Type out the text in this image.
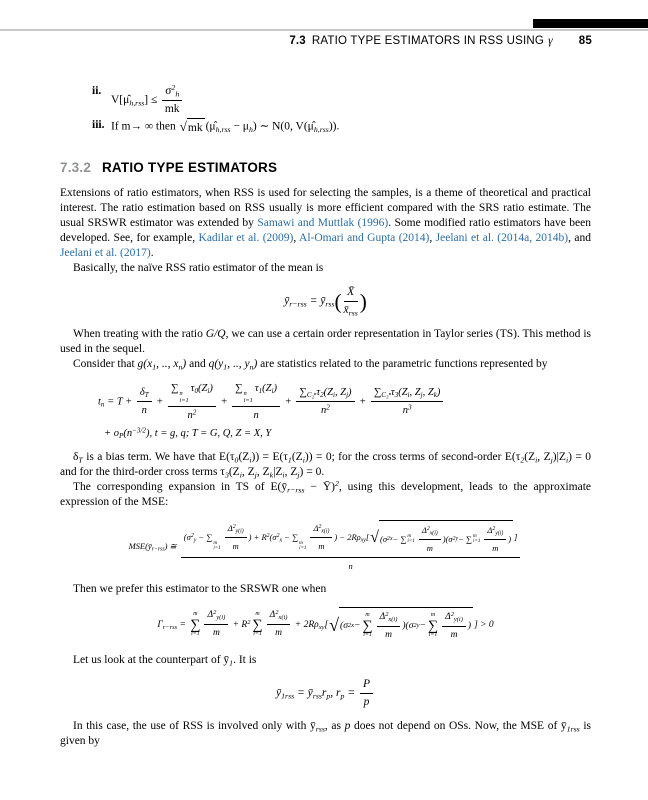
7.3 RATIO TYPE ESTIMATORS IN RSS USING γ 85
ii.
$V[\mû_{h,rss}] \le \frac{\sigma^2_h}{mk}$
iii. If m→ ∞ then √ mk $(\mû_{h,rss} - \mu_h)$ ∼ N(0, $V(\mû_{h,rss})$).
7.3.2 RATIO TYPE ESTIMATORS

Extensions of ratio estimators, when RSS is used for selecting the samples, is a theme of theoretical and practical interest. The ratio estimation based on RSS usually is more efficient compared with the SRS ratio estimate. The usual SRSWR estimator was extended by Samawi and Muttlak (1996). Some modified ratio estimators have been developed. See, for example, Kadilar et al. (2009), Al-Omari and Gupta (2014), Jeelani et al. (2014a, 2014b), and Jeelani et al. (2017).

Basically, the naïve RSS ratio estimator of the mean is

$ȳ_{r-rss}$ = $ȳ_{rss}( \frac{X̄}{x̄_{rss}}$ )

When treating with the ratio G/Q, we can use a certain order representation in Taylor series (TS). This method is used in the sequel.

Consider that $g(x_1$, .., $x_n$) and $q(y_1$, .., $y_n$) are statistics related to the parametric functions represented by

$t_n = T + \frac{\delta_T}{n}$ + ∑ n
i=1
$\tau_0(Z_i)$
$n^2$ + ∑ n
i=1
$\tau_1(Z_i)$
$n + \frac{\sum_{C_2^n}\tau_2(Z_i, Z_j)}{n^2} + \frac{\sum_{C_3^n}\tau_3(Z_i, Z_j, Z_k)}{n^3}$
+ $o_P(n^{-3/2})$, t = g, q; T = G, Q, Z = X, Y

$\delta_T$ is a bias term. We have that $E(\tau_0(Z_i)) = E(\tau_1(Z_i)) = 0$; for the cross terms of second-order $E(\tau_2(Z_i$, $Z_j)|Z_i) = 0$ and for the third-order cross terms $\tau_3(Z_i$, $Z_j$, $Z_k|Z_i$, $Z_j) = 0$.

The corresponding expansion in TS of $E(ȳ_{r-rss}$ − Ȳ)$^2$, using this development, leads to the approximate expression of the MSE:

$MSE(ȳ_{r-rss})$ ≅
($\sigma^2_y$ − ∑
m
$i=1 \frac{\Delta^2_{y(i)}}{m}$ ) + $R^2(\sigma^2_x$ − ∑
m
$i=1 \frac{\Delta^2_{x(i)}}{m}$ ) − $2R\rho_{xy}$[ √ (σ 2 x − ∑ m
$i=1 \frac{\Delta^2_{x(i)}}{m} )(\sigma$ 2 y − ∑ m
$i=1 \frac{\Delta^2_{y(i)}}{m}$ ) ]
n

Then we prefer this estimator to the SRSWR one when

$\Gamma_{r-rss}$ =
m
∑
$i=1 \frac{\Delta^2_{y(i)}}{m} + R^2$
m
∑
$i=1 \frac{\Delta^2_{x(i)}}{m} + 2R\rho_{xy}$[ √ (σ 2 x −
m
∑
$i=1 \frac{\Delta^2_{x(i)}}{m} )(\sigma$ 2 y −
m
∑
$i=1 \frac{\Delta^2_{y(i)}}{m}$ ) ] > 0

Let us look at the counterpart of $ȳ_1$. It is

$ȳ_{1rss}$ = $ȳ_{rss}r_p$, $r_p = \frac{P}{p}$

In this case, the use of RSS is involved only with $ȳ_{rss}$, as p does not depend on OSs. Now, the MSE of $ȳ_{1rss}$ is given by
